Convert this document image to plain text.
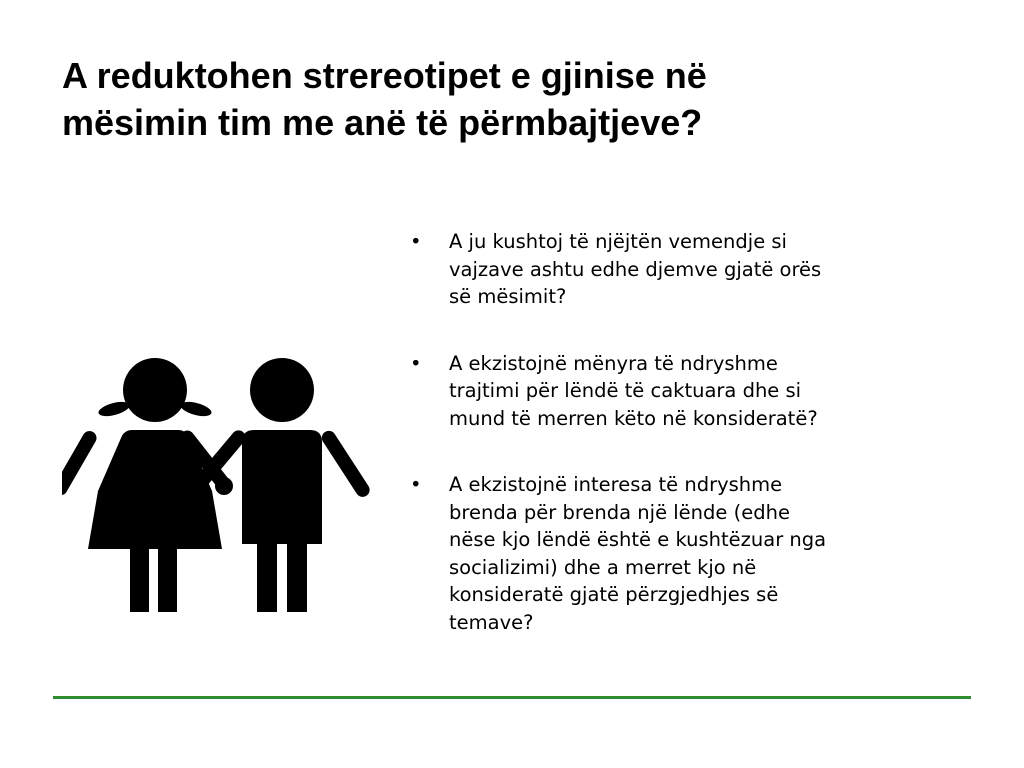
A reduktohen strereotipet e gjinise në
mësimin tim me anë të përmbajtjeve?
•	A ju kushtoj të njëjtën vemendje si
vajzave ashtu edhe djemve gjatë orës
së mësimit?
•	A ekzistojnë mënyra të ndryshme
trajtimi për lëndë të caktuara dhe si
mund të merren këto në konsideratë?
•	A ekzistojnë interesa të ndryshme
brenda për brenda një lënde (edhe
nëse kjo lëndë është e kushtëzuar nga
socializimi) dhe a merret kjo në
konsideratë gjatë përzgjedhjes së
temave?
